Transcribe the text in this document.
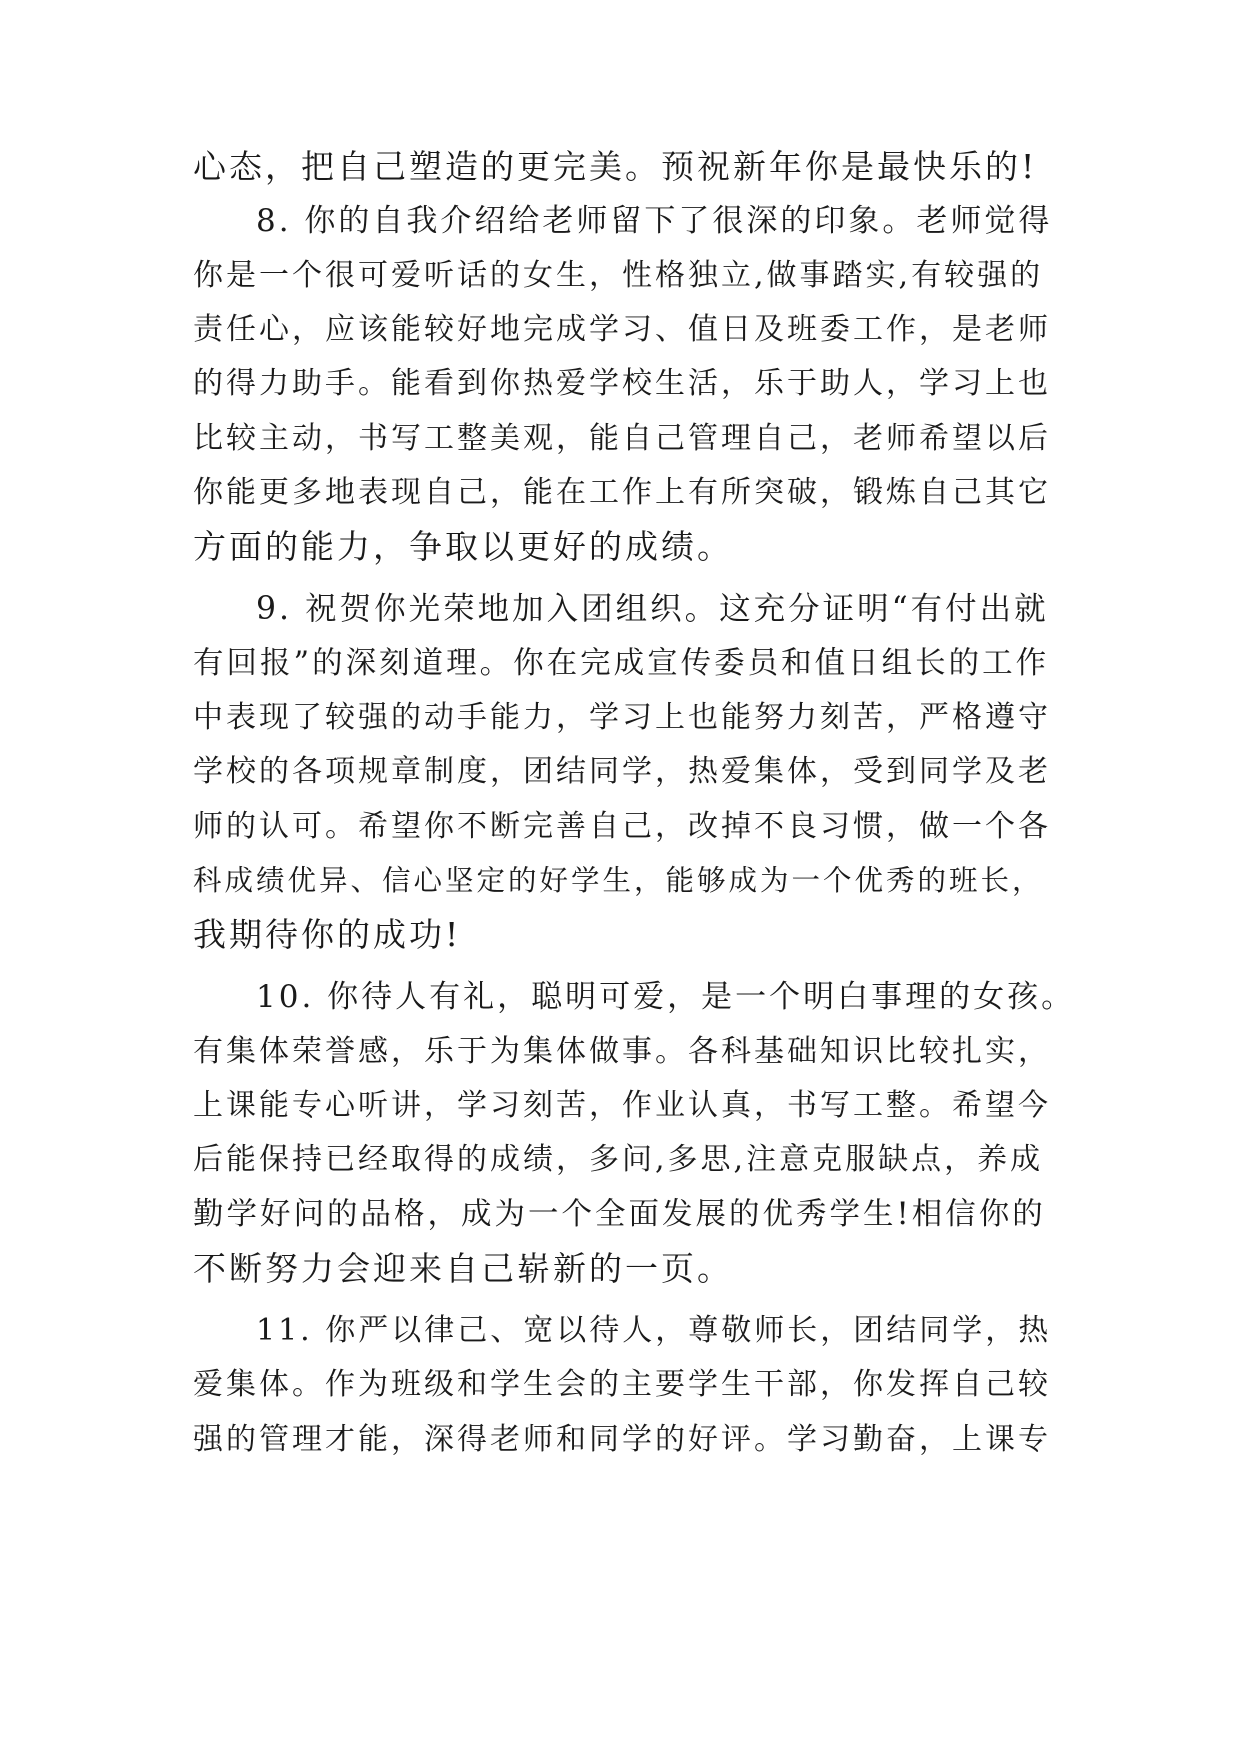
心态，把自己塑造的更完美。预祝新年你是最快乐的!
8. 你的自我介绍给老师留下了很深的印象。老师觉得
你是一个很可爱听话的女生，性格独立,做事踏实,有较强的
责任心，应该能较好地完成学习、值日及班委工作，是老师
的得力助手。能看到你热爱学校生活，乐于助人，学习上也
比较主动，书写工整美观，能自己管理自己，老师希望以后
你能更多地表现自己，能在工作上有所突破，锻炼自己其它
方面的能力，争取以更好的成绩。
9. 祝贺你光荣地加入团组织。这充分证明“有付出就
有回报”的深刻道理。你在完成宣传委员和值日组长的工作
中表现了较强的动手能力，学习上也能努力刻苦，严格遵守
学校的各项规章制度，团结同学，热爱集体，受到同学及老
师的认可。希望你不断完善自己，改掉不良习惯，做一个各
科成绩优异、信心坚定的好学生，能够成为一个优秀的班长，
我期待你的成功!
10. 你待人有礼，聪明可爱，是一个明白事理的女孩。
有集体荣誉感，乐于为集体做事。各科基础知识比较扎实，
上课能专心听讲，学习刻苦，作业认真，书写工整。希望今
后能保持已经取得的成绩，多问,多思,注意克服缺点，养成
勤学好问的品格，成为一个全面发展的优秀学生!相信你的
不断努力会迎来自己崭新的一页。
11. 你严以律己、宽以待人，尊敬师长，团结同学，热
爱集体。作为班级和学生会的主要学生干部，你发挥自己较
强的管理才能，深得老师和同学的好评。学习勤奋，上课专
